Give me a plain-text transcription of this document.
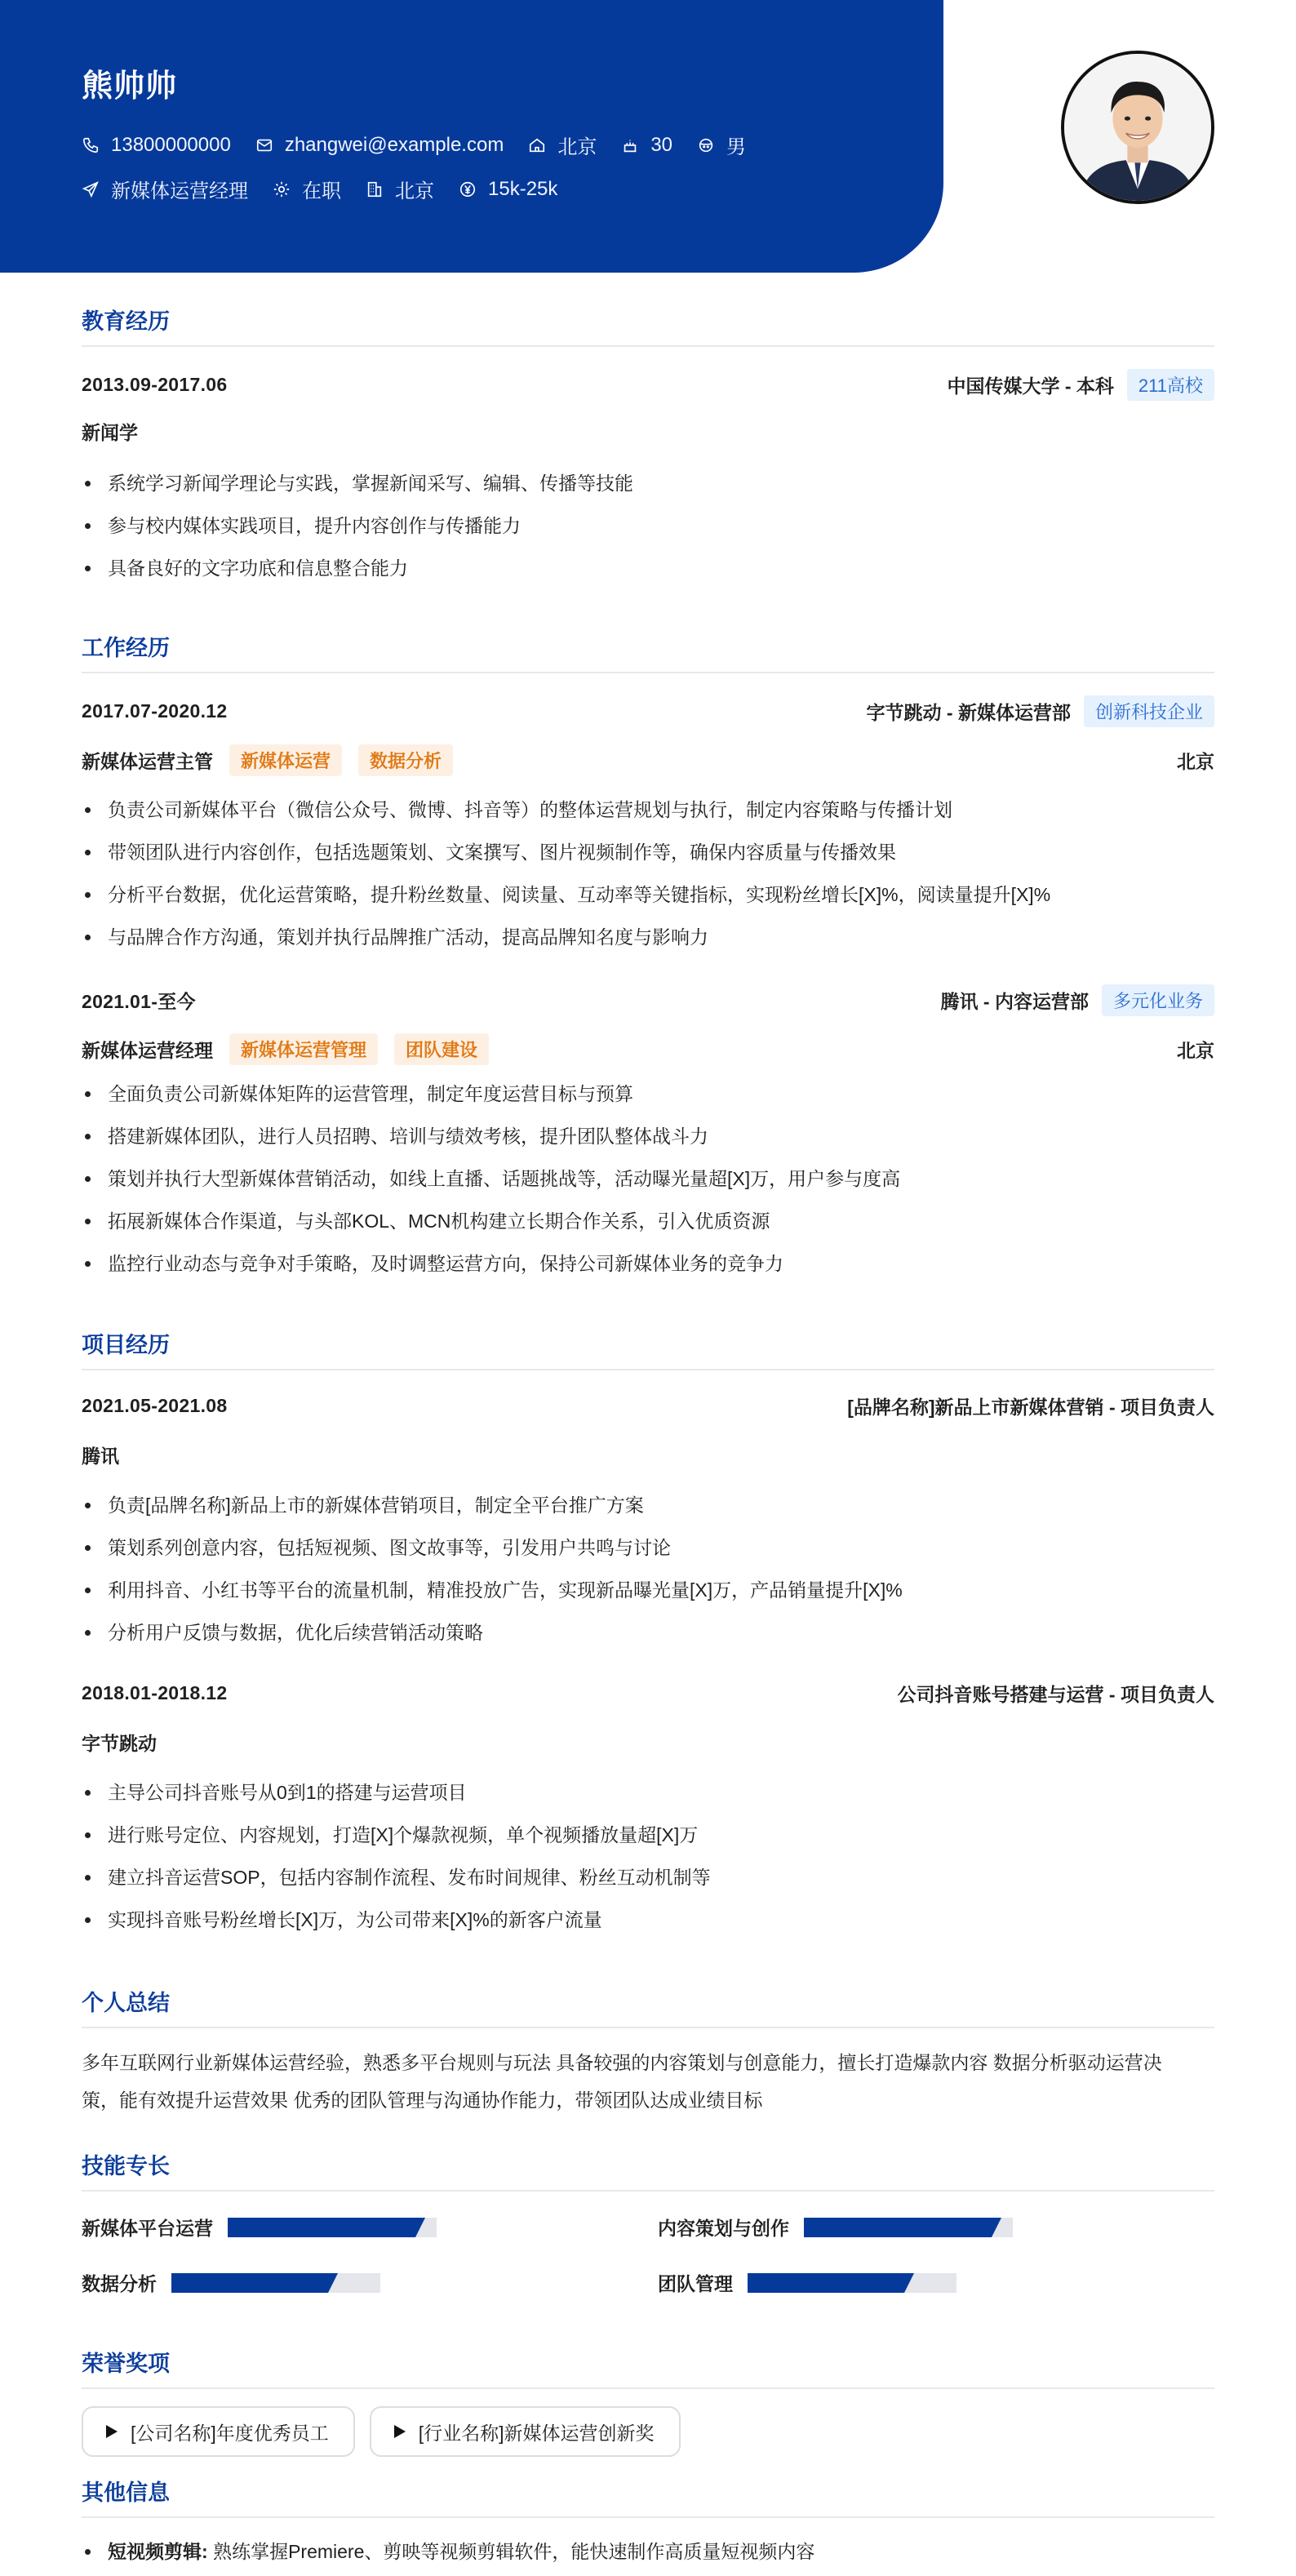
熊帅帅
13800000000	zhangwei@example.com	北京	30	男
新媒体运营经理	在职	北京	15k-25k
教育经历
2013.09-2017.06	中国传媒大学 - 本科	211高校
新闻学
系统学习新闻学理论与实践，掌握新闻采写、编辑、传播等技能
参与校内媒体实践项目，提升内容创作与传播能力
具备良好的文字功底和信息整合能力
工作经历
2017.07-2020.12	字节跳动 - 新媒体运营部	创新科技企业
新媒体运营主管	新媒体运营	数据分析	北京
负责公司新媒体平台（微信公众号、微博、抖音等）的整体运营规划与执行，制定内容策略与传播计划
带领团队进行内容创作，包括选题策划、文案撰写、图片视频制作等，确保内容质量与传播效果
分析平台数据，优化运营策略，提升粉丝数量、阅读量、互动率等关键指标，实现粉丝增长[X]%，阅读量提升[X]%
与品牌合作方沟通，策划并执行品牌推广活动，提高品牌知名度与影响力
2021.01-至今	腾讯 - 内容运营部	多元化业务
新媒体运营经理	新媒体运营管理	团队建设	北京
全面负责公司新媒体矩阵的运营管理，制定年度运营目标与预算
搭建新媒体团队，进行人员招聘、培训与绩效考核，提升团队整体战斗力
策划并执行大型新媒体营销活动，如线上直播、话题挑战等，活动曝光量超[X]万，用户参与度高
拓展新媒体合作渠道，与头部KOL、MCN机构建立长期合作关系，引入优质资源
监控行业动态与竞争对手策略，及时调整运营方向，保持公司新媒体业务的竞争力
项目经历
2021.05-2021.08	[品牌名称]新品上市新媒体营销 - 项目负责人
腾讯
负责[品牌名称]新品上市的新媒体营销项目，制定全平台推广方案
策划系列创意内容，包括短视频、图文故事等，引发用户共鸣与讨论
利用抖音、小红书等平台的流量机制，精准投放广告，实现新品曝光量[X]万，产品销量提升[X]%
分析用户反馈与数据，优化后续营销活动策略
2018.01-2018.12	公司抖音账号搭建与运营 - 项目负责人
字节跳动
主导公司抖音账号从0到1的搭建与运营项目
进行账号定位、内容规划，打造[X]个爆款视频，单个视频播放量超[X]万
建立抖音运营SOP，包括内容制作流程、发布时间规律、粉丝互动机制等
实现抖音账号粉丝增长[X]万，为公司带来[X]%的新客户流量
个人总结
多年互联网行业新媒体运营经验，熟悉多平台规则与玩法 具备较强的内容策划与创意能力，擅长打造爆款内容 数据分析驱动运营决
策，能有效提升运营效果 优秀的团队管理与沟通协作能力，带领团队达成业绩目标
技能专长
新媒体平台运营	内容策划与创作
数据分析	团队管理
荣誉奖项
[公司名称]年度优秀员工	[行业名称]新媒体运营创新奖
其他信息
短视频剪辑: 熟练掌握Premiere、剪映等视频剪辑软件，能快速制作高质量短视频内容
